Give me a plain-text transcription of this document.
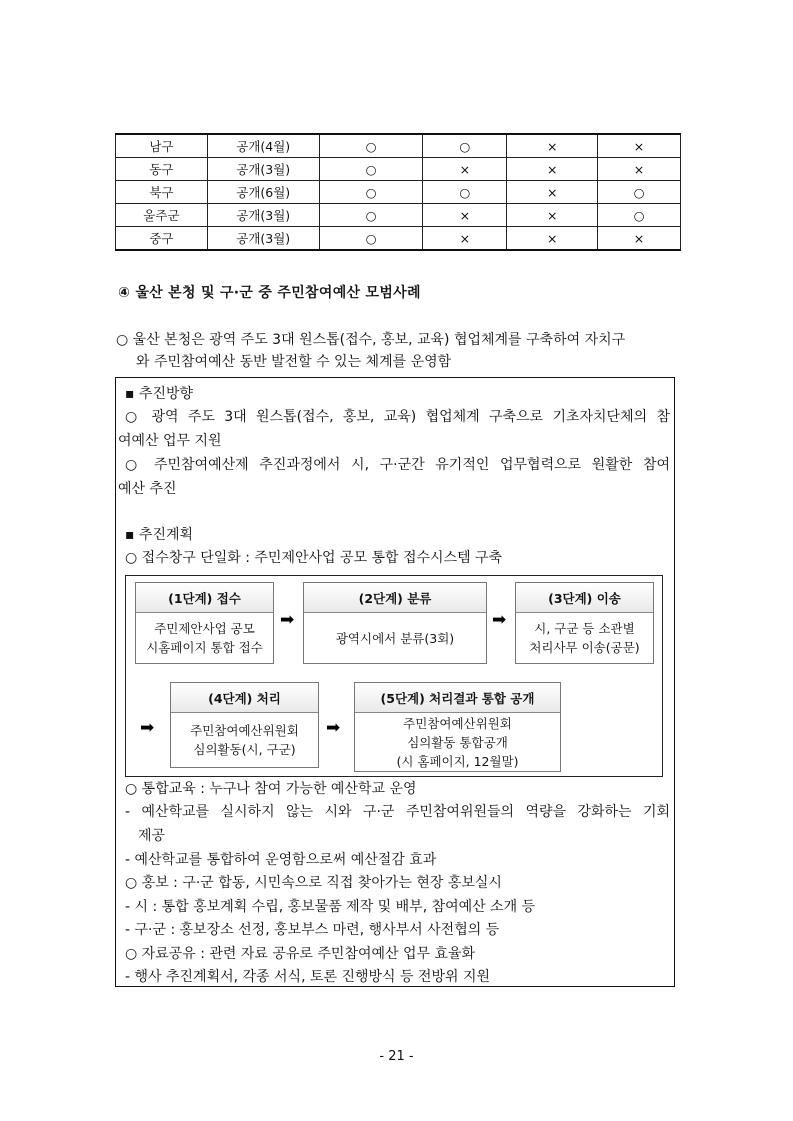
남구	공개(4월)	○	○	×	×
동구	공개(3월)	○	×	×	×
북구	공개(6월)	○	○	×	○
울주군	공개(3월)	○	×	×	○
중구	공개(3월)	○	×	×	×
④ 울산 본청 및 구·군 중 주민참여예산 모범사례
○ 울산 본청은 광역 주도 3대 원스톱(접수, 홍보, 교육) 협업체계를 구축하여 자치구
와 주민참여예산 동반 발전할 수 있는 체계를 운영함
▪ 추진방향
○ 광역 주도 3대 원스톱(접수, 홍보, 교육) 협업체계 구축으로 기초자치단체의 참
여예산 업무 지원
○ 주민참여예산제 추진과정에서 시, 구·군간 유기적인 업무협력으로 원활한 참여
예산 추진
▪ 추진계획
○ 접수창구 단일화 : 주민제안사업 공모 통합 접수시스템 구축
(1단계) 접수
주민제안사업 공모
시홈페이지 통합 접수
➡
(2단계) 분류
광역시에서 분류(3회)
➡
(3단계) 이송
시, 구군 등 소관별
처리사무 이송(공문)
➡
(4단계) 처리
주민참여예산위원회
심의활동(시, 구군)
➡
(5단계) 처리결과 통합 공개
주민참여예산위원회
심의활동 통합공개
(시 홈페이지, 12월말)
○ 통합교육 : 누구나 참여 가능한 예산학교 운영
- 예산학교를 실시하지 않는 시와 구·군 주민참여위원들의 역량을 강화하는 기회
제공
- 예산학교를 통합하여 운영함으로써 예산절감 효과
○ 홍보 : 구·군 합동, 시민속으로 직접 찾아가는 현장 홍보실시
- 시 : 통합 홍보계획 수립, 홍보물품 제작 및 배부, 참여예산 소개 등
- 구·군 : 홍보장소 선정, 홍보부스 마련, 행사부서 사전협의 등
○ 자료공유 : 관련 자료 공유로 주민참여예산 업무 효율화
- 행사 추진계획서, 각종 서식, 토론 진행방식 등 전방위 지원
- 21 -
